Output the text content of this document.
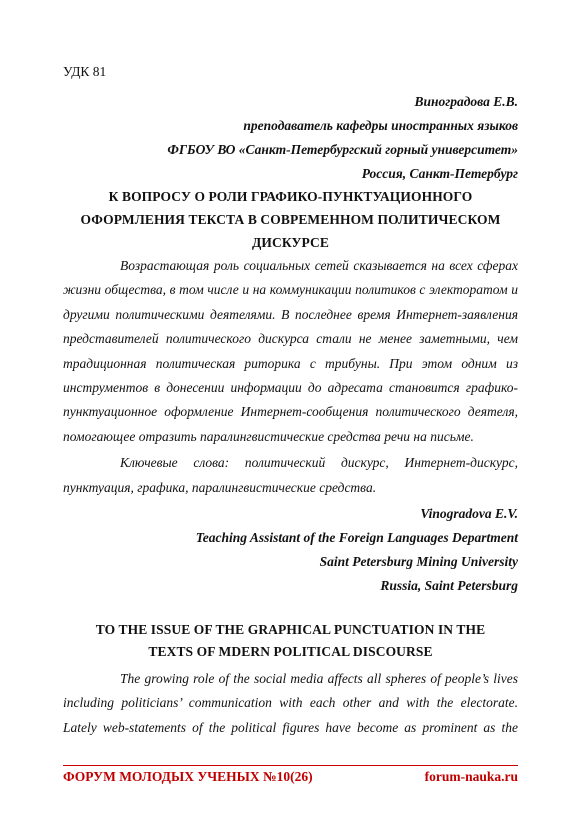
УДК 81
Виноградова Е.В.
преподаватель кафедры иностранных языков
ФГБОУ ВО «Санкт-Петербургский горный университет»
Россия, Санкт-Петербург
К ВОПРОСУ О РОЛИ ГРАФИКО-ПУНКТУАЦИОННОГО
ОФОРМЛЕНИЯ ТЕКСТА В СОВРЕМЕННОМ ПОЛИТИЧЕСКОМ
ДИСКУРСЕ

Возрастающая роль социальных сетей сказывается на всех сферах жизни общества, в том числе и на коммуникации политиков с электоратом и другими политическими деятелями. В последнее время Интернет-заявления представителей политического дискурса стали не менее заметными, чем традиционная политическая риторика с трибуны. При этом одним из инструментов в донесении информации до адресата становится графико-пунктуационное оформление Интернет-сообщения политического деятеля, помогающее отразить паралингвистические средства речи на письме.

Ключевые слова: политический дискурс, Интернет-дискурс, пунктуация, графика, паралингвистические средства.

Vinogradova E.V.
Teaching Assistant of the Foreign Languages Department
Saint Petersburg Mining University
Russia, Saint Petersburg
TO THE ISSUE OF THE GRAPHICAL PUNCTUATION IN THE
TEXTS OF MDERN POLITICAL DISCOURSE

The growing role of the social media affects all spheres of people’s lives including politicians’ communication with each other and with the electorate. Lately web-statements of the political figures have become as prominent as the

ФОРУМ МОЛОДЫХ УЧЕНЫХ №10(26)	forum-nauka.ru
